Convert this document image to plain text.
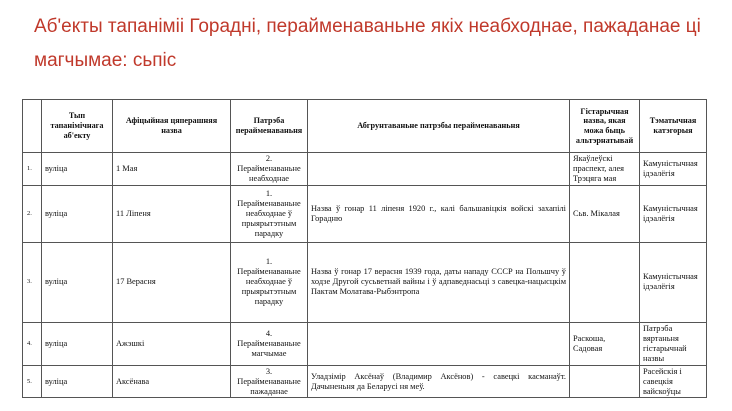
Аб'екты тапаніміі Горадні, перайменаваньне якіх неабходнае, пажаданае ці магчымае: сьпіс
	Тып тапанімічнага аб'екту	Афіцыйная цяперашняя назва	Патрэба перайменаваньня	Абгрунтаваньне патрэбы перайменаваньня	Гістарычная назва, якая можа быць альтэрнатывай	Тэматычная катэгорыя
1.	вуліца	1 Мая	2. Перайменаваньне неабходнае		Якаўлеўскі праспект, алея Трэцяга мая	Камуністычная ідэалёгія
2.	вуліца	11 Ліпеня	1. Перайменаваньне неабходнае ў прыярытэтным парадку	Назва ў гонар 11 ліпеня 1920 г., калі бальшавіцкія войскі захапілі Горадню	Сьв. Мікалая	Камуністычная ідэалёгія
3.	вуліца	17 Верасня	1. Перайменаваньне неабходнае ў прыярытэтным парадку	Назва ў гонар 17 верасня 1939 года, даты нападу СССР на Польшчу ў ходзе Другой сусьветнай вайны і ў адпаведнасьці з савецка-нацысцкім Пактам Молатава-Рыбэнтропа		Камуністычная ідэалёгія
4.	вуліца	Ажэшкі	4. Перайменаваньне магчымае		Раскоша, Садовая	Патрэба вяртаньня гістарычнай назвы
5.	вуліца	Аксёнава	3. Перайменаваньне пажаданае	Уладзімір Аксёнаў (Владимир Аксёнов) - савецкі касманаўт. Дачыненьня да Беларусі ня меў.		Расейскія і савецкія вайскоўцы
